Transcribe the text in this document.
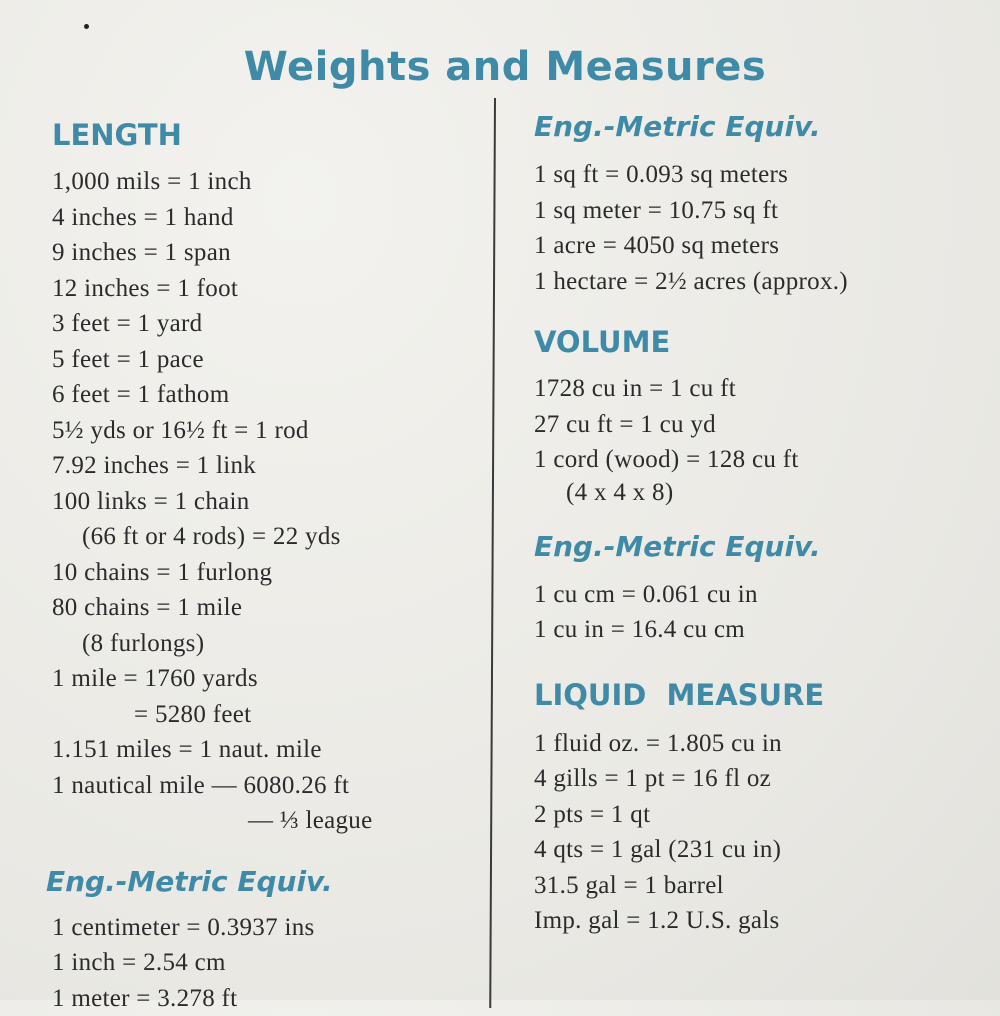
Weights and Measures
LENGTH
1,000 mils = 1 inch
4 inches = 1 hand
9 inches = 1 span
12 inches = 1 foot
3 feet = 1 yard
5 feet = 1 pace
6 feet = 1 fathom
5½ yds or 16½ ft = 1 rod
7.92 inches = 1 link
100 links = 1 chain
(66 ft or 4 rods) = 22 yds
10 chains = 1 furlong
80 chains = 1 mile
(8 furlongs)
1 mile = 1760 yards
= 5280 feet
1.151 miles = 1 naut. mile
1 nautical mile — 6080.26 ft
— ⅓ league
Eng.-Metric Equiv.
1 centimeter = 0.3937 ins
1 inch = 2.54 cm
1 meter = 3.278 ft
Eng.-Metric Equiv.
1 sq ft = 0.093 sq meters
1 sq meter = 10.75 sq ft
1 acre = 4050 sq meters
1 hectare = 2½ acres (approx.)
VOLUME
1728 cu in = 1 cu ft
27 cu ft = 1 cu yd
1 cord (wood) = 128 cu ft
(4 x 4 x 8)
Eng.-Metric Equiv.
1 cu cm = 0.061 cu in
1 cu in = 16.4 cu cm
LIQUID  MEASURE
1 fluid oz. = 1.805 cu in
4 gills = 1 pt = 16 fl oz
2 pts = 1 qt
4 qts = 1 gal (231 cu in)
31.5 gal = 1 barrel
Imp. gal = 1.2 U.S. gals
